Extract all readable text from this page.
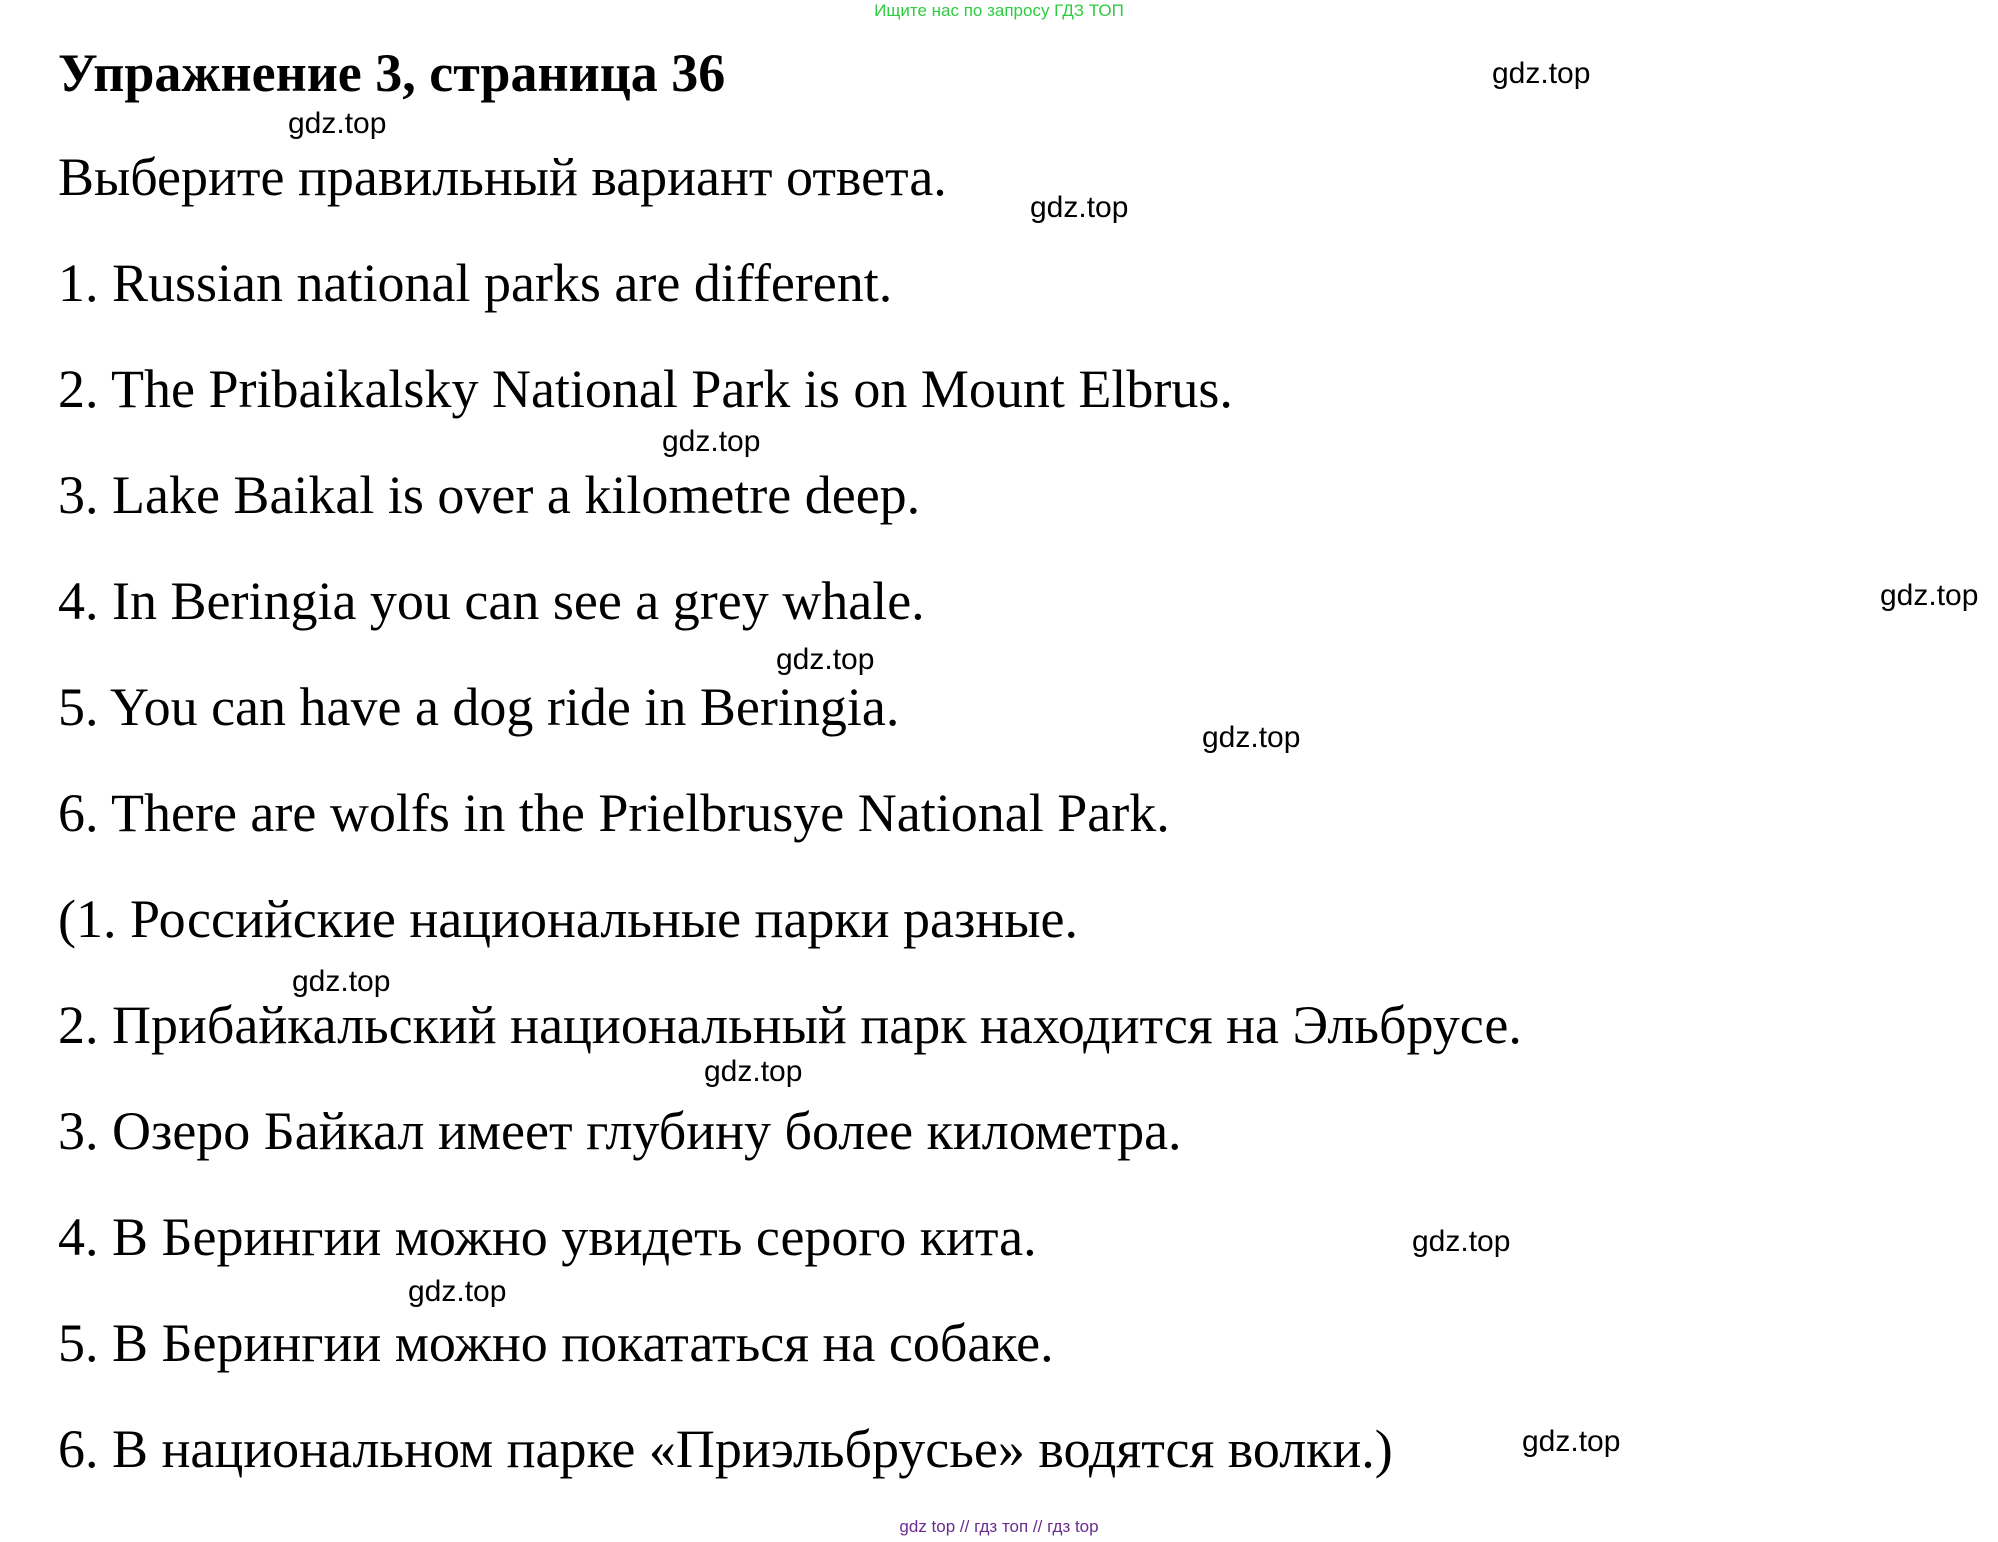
Ищите нас по запросу ГДЗ ТОП
Упражнение 3, страница 36
Выберите правильный вариант ответа.
1. Russian national parks are different.
2. The Pribaikalsky National Park is on Mount Elbrus.
3. Lake Baikal is over a kilometre deep.
4. In Beringia you can see a grey whale.
5. You can have a dog ride in Beringia.
6. There are wolfs in the Prielbrusye National Park.
(1. Российские национальные парки разные.
2. Прибайкальский национальный парк находится на Эльбрусе.
3. Озеро Байкал имеет глубину более километра.
4. В Берингии можно увидеть серого кита.
5. В Берингии можно покататься на собаке.
6. В национальном парке «Приэльбрусье» водятся волки.)
gdz.top
gdz.top
gdz.top
gdz.top
gdz.top
gdz.top
gdz.top
gdz.top
gdz.top
gdz.top
gdz.top
gdz.top
gdz top // гдз топ // гдз top
